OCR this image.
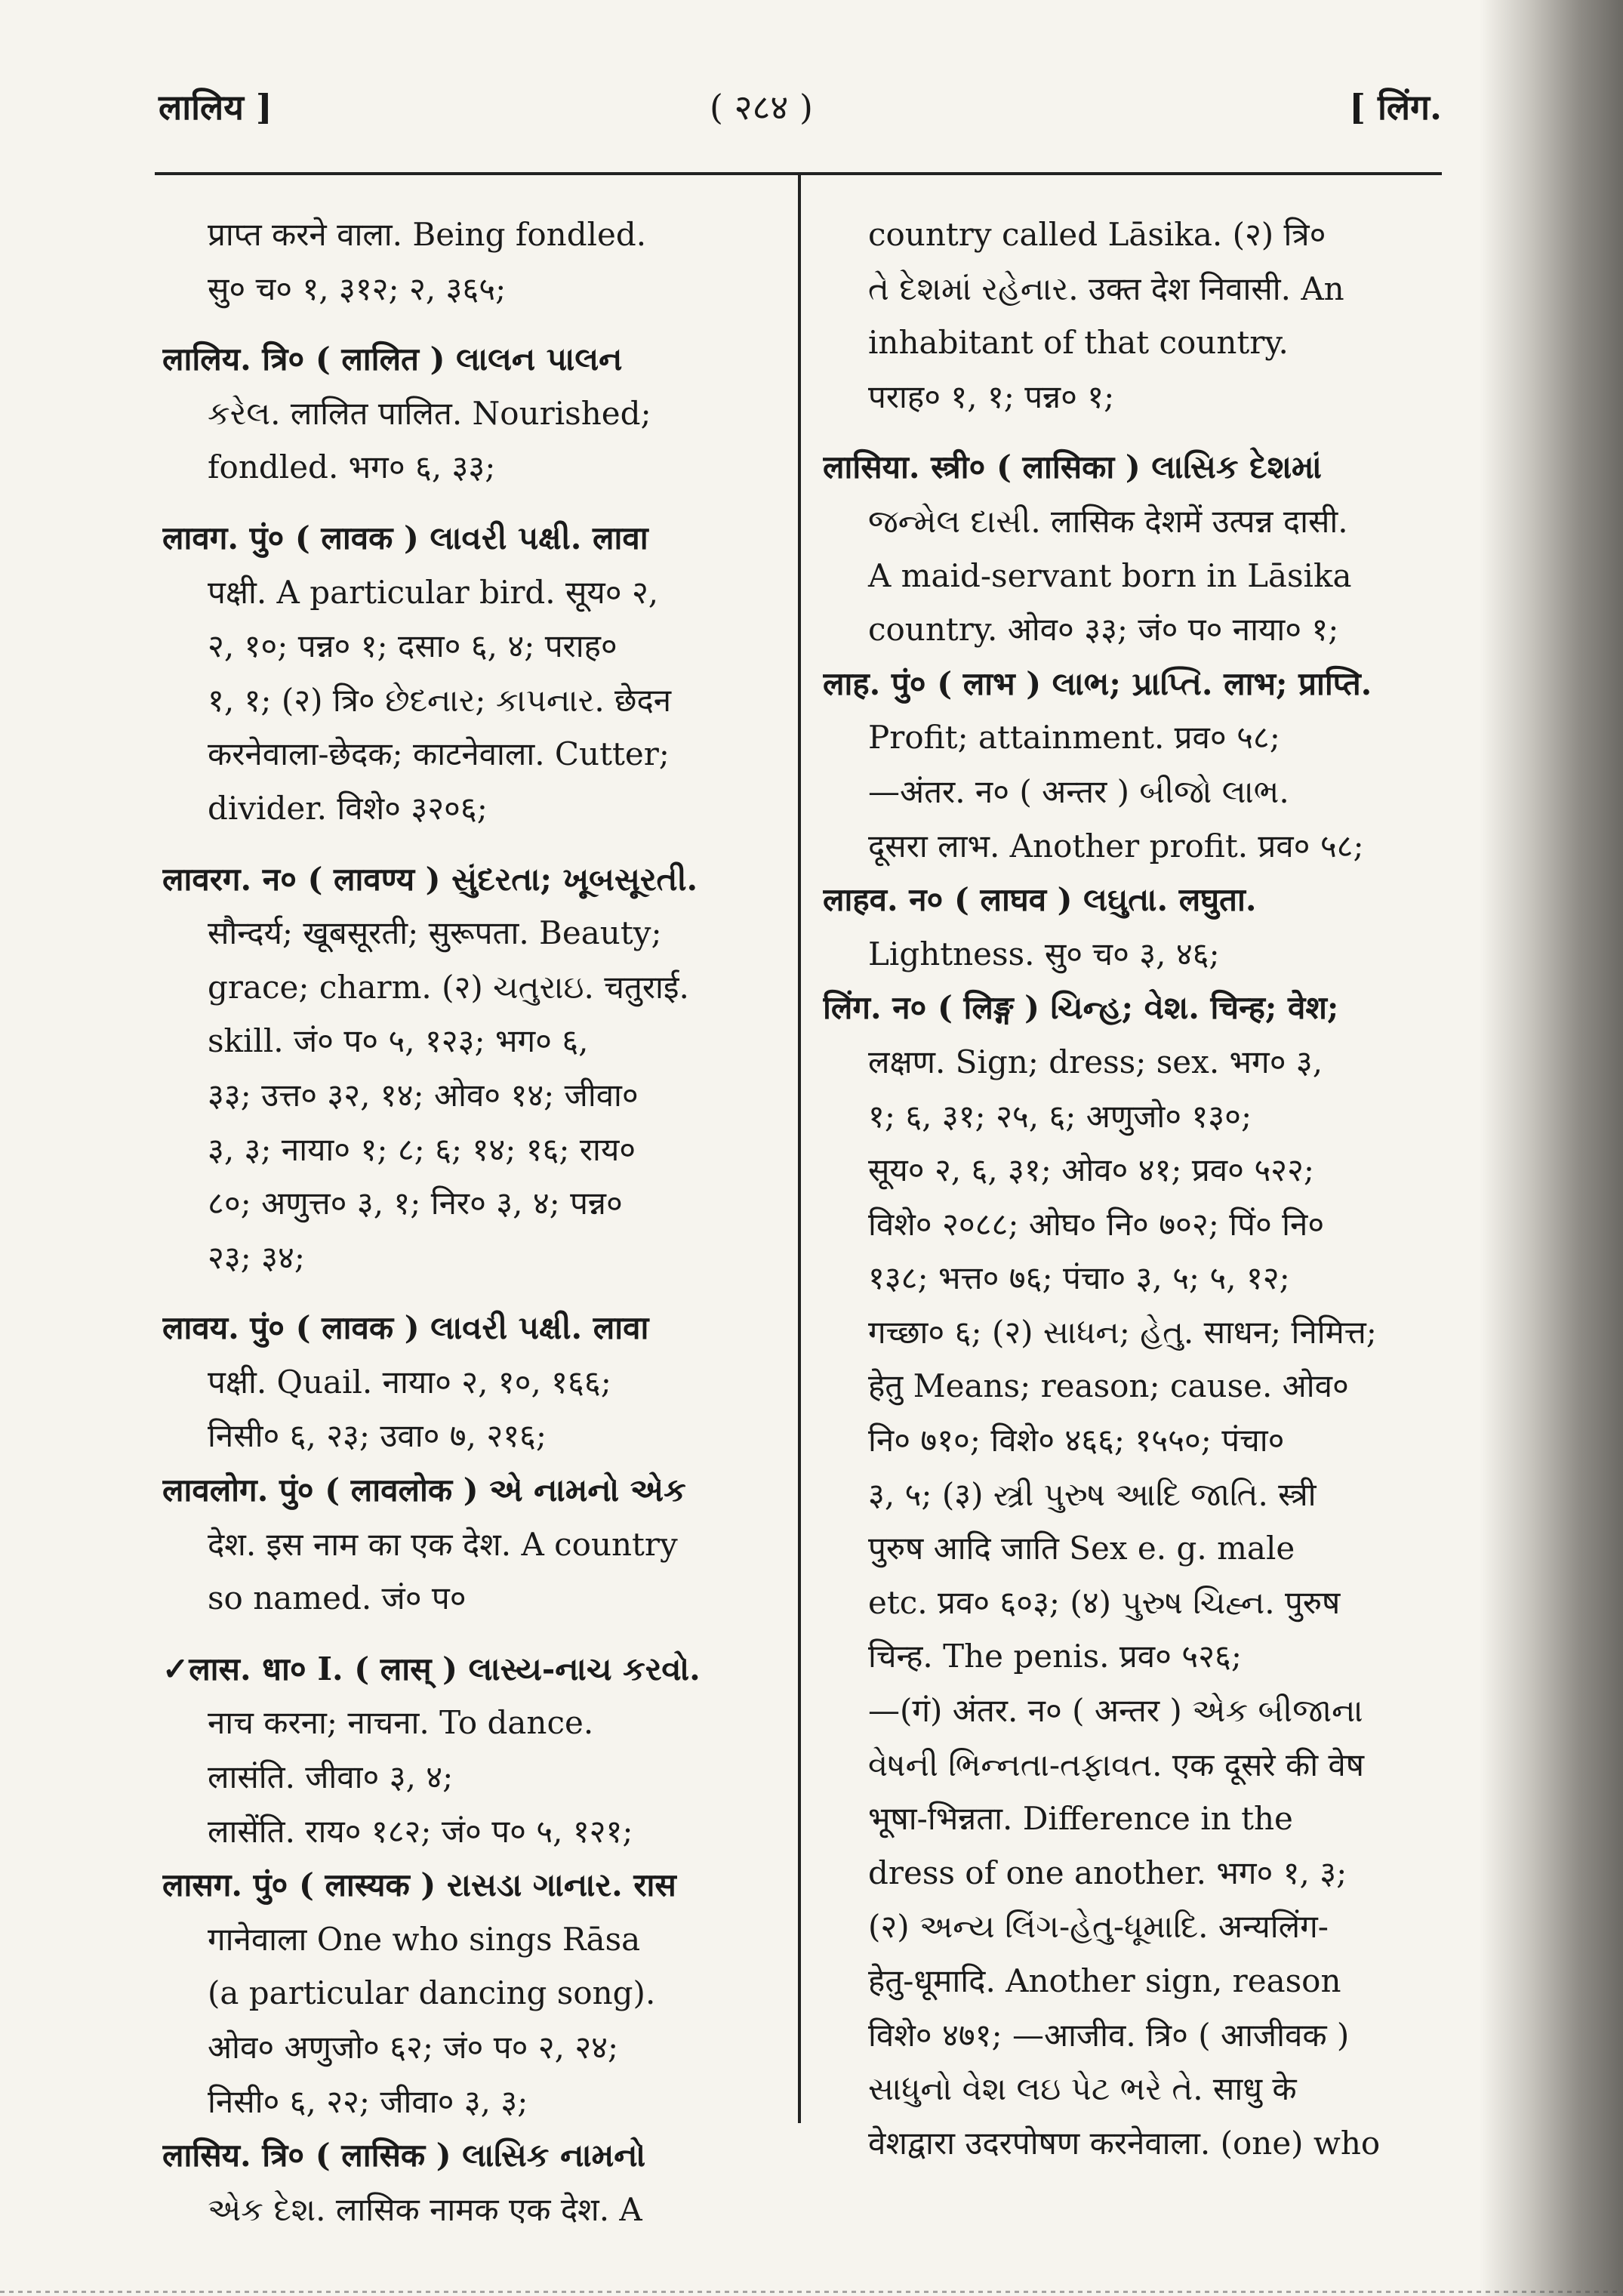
लालिय ]	( २८४ )	[ लिंग.
प्राप्त करने वाला. Being fondled.
सु० च० १, ३१२; २, ३६५;
लालिय. त्रि० ( लालित ) લાલન પાલન
કરેલ. लालित पालित. Nourished;
fondled. भग० ६, ३३;
लावग. पुं० ( लावक ) લાવરી પક્ષી. लावा
पक्षी. A particular bird. सूय० २,
२, १०; पन्न० १; दसा० ६, ४; पराह०
१, १; (२) त्रि० છેદનાર; કાપનાર. छेदन
करनेवाला-छेदक; काटनेवाला. Cutter;
divider. विशे० ३२०६;
लावरग. न० ( लावण्य ) સુંદરતા; ખૂબસૂરતી.
सौन्दर्य; खूबसूरती; सुरूपता. Beauty;
grace; charm. (२) ચતુરાઇ. चतुराई.
skill. जं० प० ५, १२३; भग० ६,
३३; उत्त० ३२, १४; ओव० १४; जीवा०
३, ३; नाया० १; ८; ६; १४; १६; राय०
८०; अणुत्त० ३, १; निर० ३, ४; पन्न०
२३; ३४;
लावय. पुं० ( लावक ) લાવરી પક્ષી. लावा
पक्षी. Quail. नाया० २, १०, १६६;
निसी० ६, २३; उवा० ७, २१६;
लावलोग. पुं० ( लावलोक ) એ નામનો એક
देश. इस नाम का एक देश. A country
so named. जं० प०
✓लास. धा० I. ( लास् ) લાસ્ય-નાચ કરવો.
नाच करना; नाचना. To dance.
लासंति. जीवा० ३, ४;
लासेंति. राय० १८२; जं० प० ५, १२१;
लासग. पुं० ( लास्यक ) રાસડા ગાનાર. रास
गानेवाला One who sings Rāsa
(a particular dancing song).
ओव० अणुजो० ६२; जं० प० २, २४;
निसी० ६, २२; जीवा० ३, ३;
लासिय. त्रि० ( लासिक ) લાસિક નામનો
એક દેશ. लासिक नामक एक देश. A
country called Lāsika. (२) त्रि०
તે દેશમાં રહેનાર. उक्त देश निवासी. An
inhabitant of that country.
पराह० १, १; पन्न० १;
लासिया. स्त्री० ( लासिका ) લાસિક દેશમાં
જન્મેલ દાસી. लासिक देशमें उत्पन्न दासी.
A maid-servant born in Lāsika
country. ओव० ३३; जं० प० नाया० १;
लाह. पुं० ( लाभ ) લાભ; પ્રાપ્તિ. लाभ; प्राप्ति.
Profit; attainment. प्रव० ५८;
—अंतर. न० ( अन्तर ) બીજો લાભ.
दूसरा लाभ. Another profit. प्रव० ५८;
लाहव. न० ( लाघव ) લઘુતા. लघुता.
Lightness. सु० च० ३, ४६;
लिंग. न० ( लिङ्ग ) ચિન્હ; વેશ. चिन्ह; वेश;
लक्षण. Sign; dress; sex. भग० ३,
१; ६, ३१; २५, ६; अणुजो० १३०;
सूय० २, ६, ३१; ओव० ४१; प्रव० ५२२;
विशे० २०८८; ओघ० नि० ७०२; पिं० नि०
१३८; भत्त० ७६; पंचा० ३, ५; ५, १२;
गच्छा० ६; (२) સાધન; હેતુ. साधन; निमित्त;
हेतु Means; reason; cause. ओव०
नि० ७१०; विशे० ४६६; १५५०; पंचा०
३, ५; (३) સ્ત્રી પુરુષ આદિ જાતિ. स्त्री
पुरुष आदि जाति Sex e. g. male
etc. प्रव० ६०३; (४) પુરુષ ચિહ્ન. पुरुष
चिन्ह. The penis. प्रव० ५२६;
—(गं) अंतर. न० ( अन्तर ) એક બીજાના
વેષની ભિન્નતા-તફાવત. एक दूसरे की वेष
भूषा-भिन्नता. Difference in the
dress of one another. भग० १, ३;
(२) અન્ય લિંગ-હેતુ-ધૂમાદિ. अन्यलिंग-
हेतु-धूमादि. Another sign, reason
विशे० ४७१; —आजीव. त्रि० ( आजीवक )
સાધુનો વેશ લઇ પેટ ભરે તે. साधु के
वेशद्वारा उदरपोषण करनेवाला. (one) who
